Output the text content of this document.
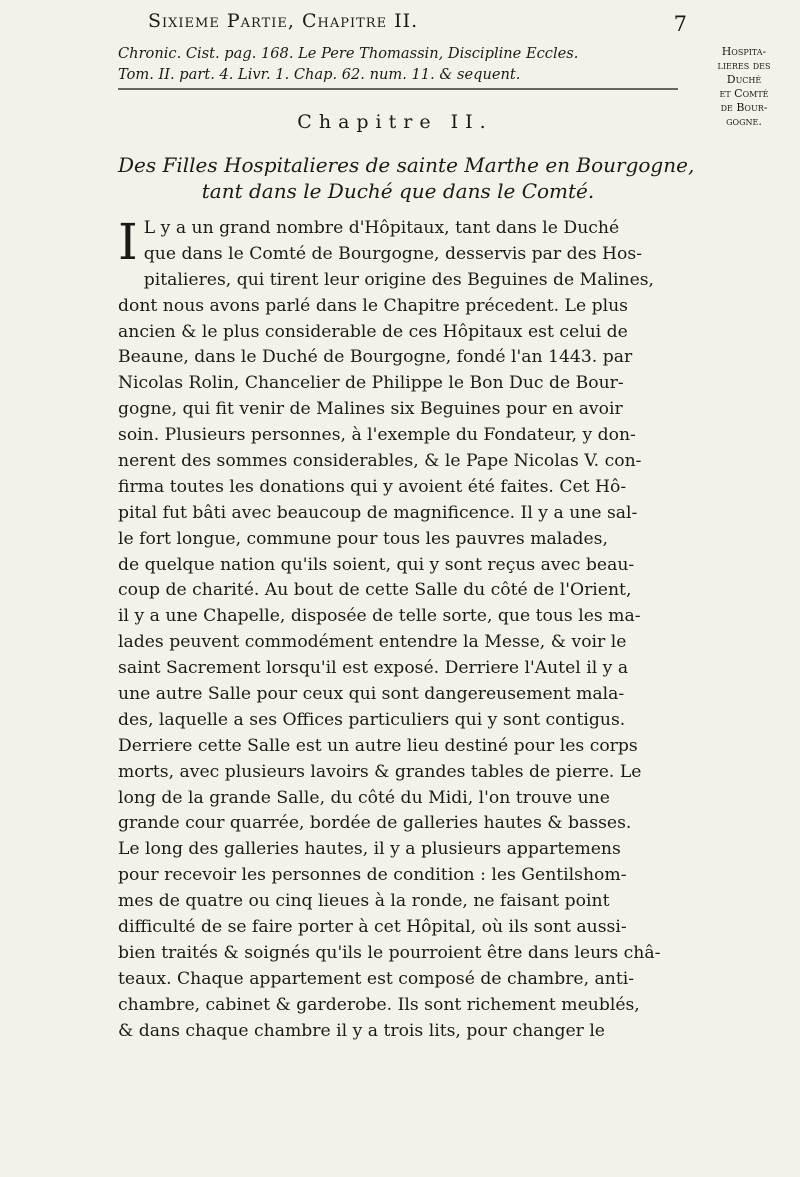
Sixieme Partie, Chapitre II.	7
Chronic. Cist. pag. 168. Le Pere Thomassin, Discipline Eccles.
Tom. II. part. 4. Livr. 1. Chap. 62. num. 11. & sequent.
Hospita-
lieres des
Duché
et Comté
de Bour-
gogne.
Chapitre II.
Des Filles Hospitalieres de sainte Marthe en Bourgogne,
tant dans le Duché que dans le Comté.
I L y a un grand nombre d'Hôpitaux, tant dans le Duché
que dans le Comté de Bourgogne, desservis par des Hos-
pitalieres, qui tirent leur origine des Beguines de Malines,
dont nous avons parlé dans le Chapitre précedent. Le plus
ancien & le plus considerable de ces Hôpitaux est celui de
Beaune, dans le Duché de Bourgogne, fondé l'an 1443. par
Nicolas Rolin, Chancelier de Philippe le Bon Duc de Bour-
gogne, qui fit venir de Malines six Beguines pour en avoir
soin. Plusieurs personnes, à l'exemple du Fondateur, y don-
nerent des sommes considerables, & le Pape Nicolas V. con-
firma toutes les donations qui y avoient été faites. Cet Hô-
pital fut bâti avec beaucoup de magnificence. Il y a une sal-
le fort longue, commune pour tous les pauvres malades,
de quelque nation qu'ils soient, qui y sont reçus avec beau-
coup de charité. Au bout de cette Salle du côté de l'Orient,
il y a une Chapelle, disposée de telle sorte, que tous les ma-
lades peuvent commodément entendre la Messe, & voir le
saint Sacrement lorsqu'il est exposé. Derriere l'Autel il y a
une autre Salle pour ceux qui sont dangereusement mala-
des, laquelle a ses Offices particuliers qui y sont contigus.
Derriere cette Salle est un autre lieu destiné pour les corps
morts, avec plusieurs lavoirs & grandes tables de pierre. Le
long de la grande Salle, du côté du Midi, l'on trouve une
grande cour quarrée, bordée de galleries hautes & basses.
Le long des galleries hautes, il y a plusieurs appartemens
pour recevoir les personnes de condition : les Gentilshom-
mes de quatre ou cinq lieues à la ronde, ne faisant point
difficulté de se faire porter à cet Hôpital, où ils sont aussi-
bien traités & soignés qu'ils le pourroient être dans leurs châ-
teaux. Chaque appartement est composé de chambre, anti-
chambre, cabinet & garderobe. Ils sont richement meublés,
& dans chaque chambre il y a trois lits, pour changer le
